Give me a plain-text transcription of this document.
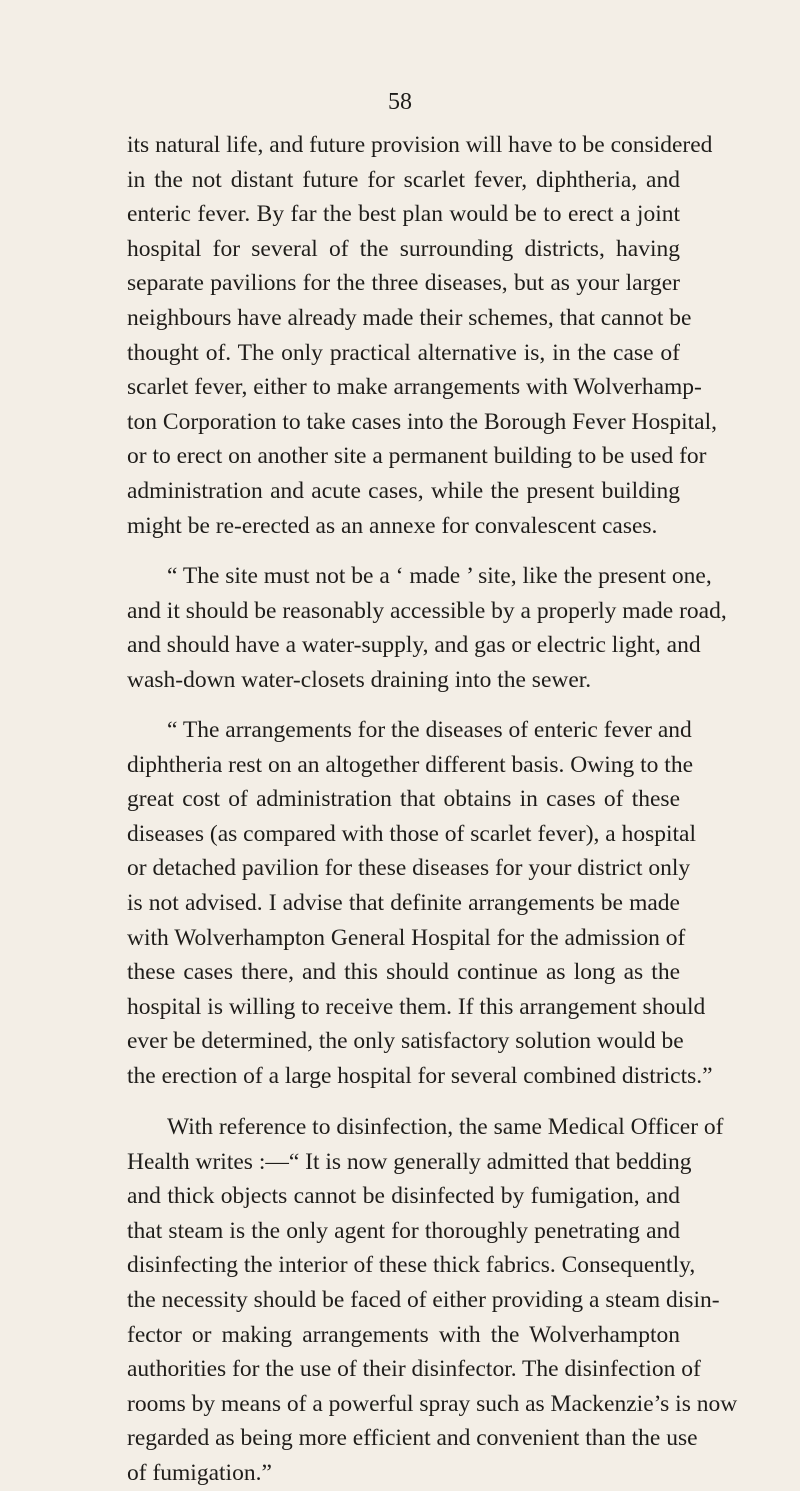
58
its natural life, and future provision will have to be considered
in the not distant future for scarlet fever, diphtheria, and
enteric fever. By far the best plan would be to erect a joint
hospital for several of the surrounding districts, having
separate pavilions for the three diseases, but as your larger
neighbours have already made their schemes, that cannot be
thought of. The only practical alternative is, in the case of
scarlet fever, either to make arrangements with Wolverhamp-
ton Corporation to take cases into the Borough Fever Hospital,
or to erect on another site a permanent building to be used for
administration and acute cases, while the present building
might be re-erected as an annexe for convalescent cases.
“ The site must not be a ‘ made ’ site, like the present one,
and it should be reasonably accessible by a properly made road,
and should have a water-supply, and gas or electric light, and
wash-down water-closets draining into the sewer.
“ The arrangements for the diseases of enteric fever and
diphtheria rest on an altogether different basis. Owing to the
great cost of administration that obtains in cases of these
diseases (as compared with those of scarlet fever), a hospital
or detached pavilion for these diseases for your district only
is not advised. I advise that definite arrangements be made
with Wolverhampton General Hospital for the admission of
these cases there, and this should continue as long as the
hospital is willing to receive them. If this arrangement should
ever be determined, the only satisfactory solution would be
the erection of a large hospital for several combined districts.”
With reference to disinfection, the same Medical Officer of
Health writes :—“ It is now generally admitted that bedding
and thick objects cannot be disinfected by fumigation, and
that steam is the only agent for thoroughly penetrating and
disinfecting the interior of these thick fabrics. Consequently,
the necessity should be faced of either providing a steam disin-
fector or making arrangements with the Wolverhampton
authorities for the use of their disinfector. The disinfection of
rooms by means of a powerful spray such as Mackenzie’s is now
regarded as being more efficient and convenient than the use
of fumigation.”
